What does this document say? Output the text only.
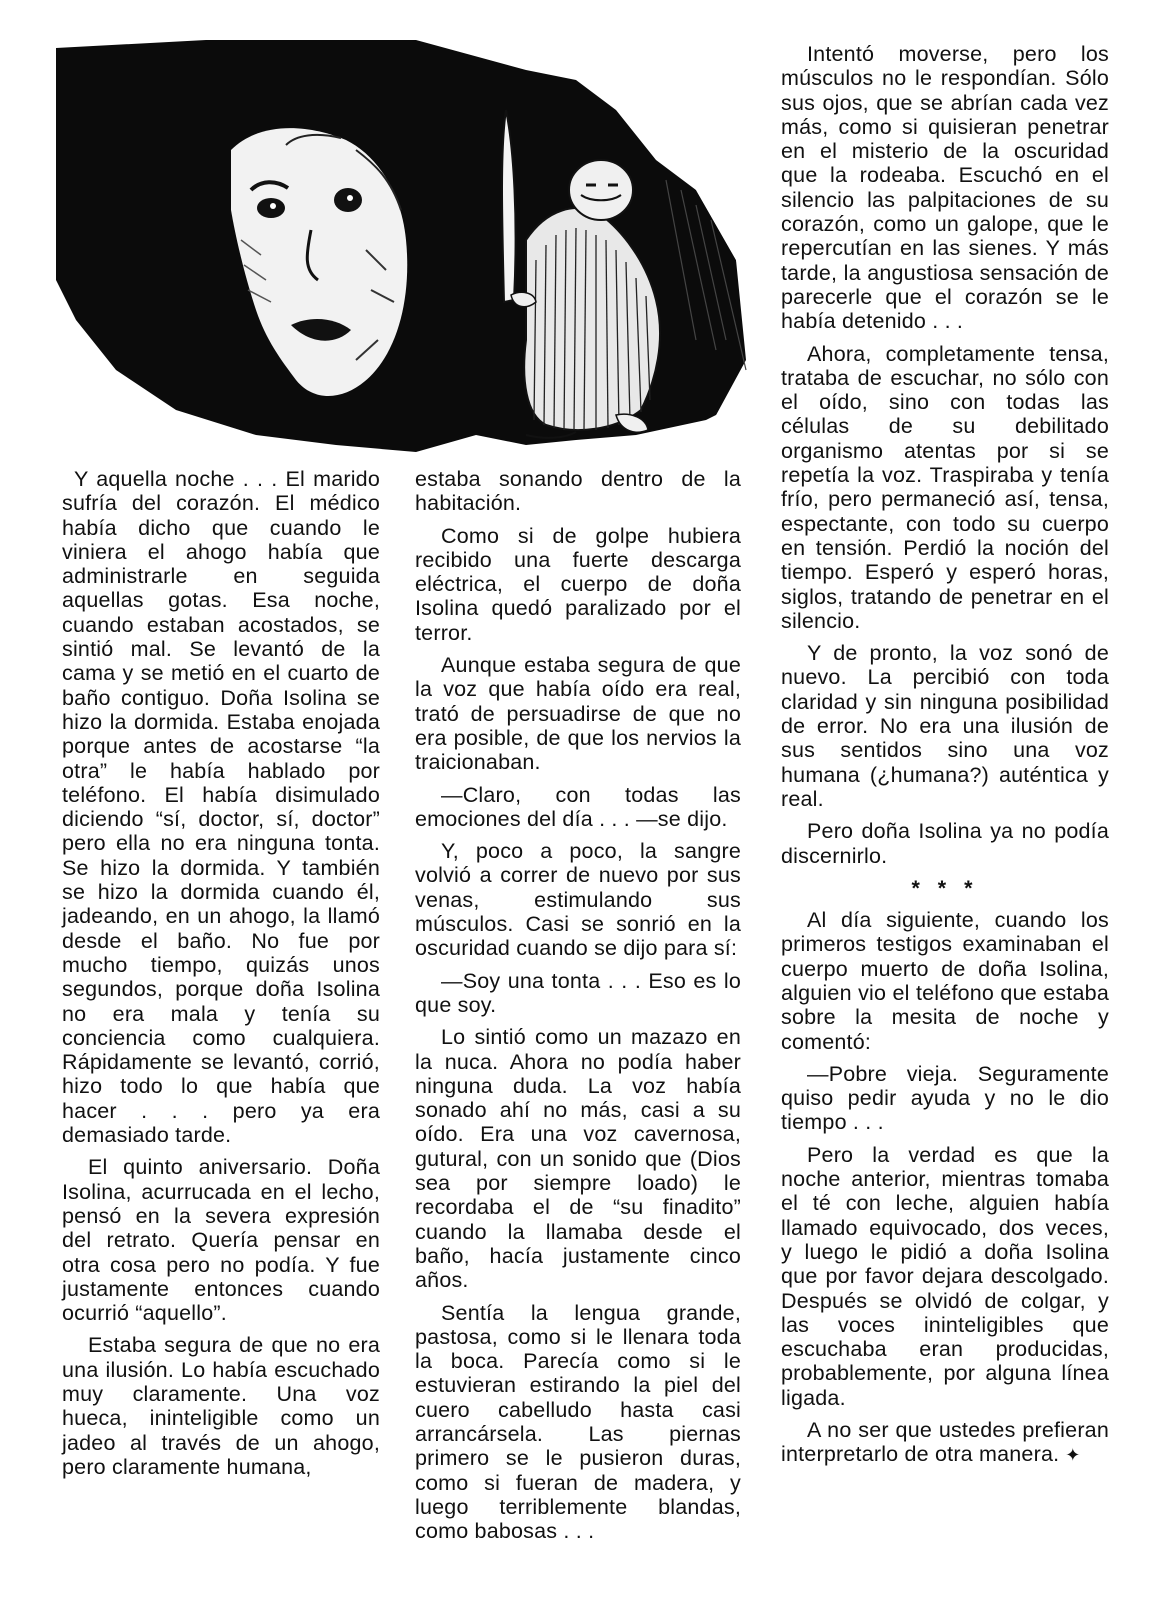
Y aquella noche . . . El marido sufría del corazón. El médico había dicho que cuando le viniera el ahogo había que administrarle en seguida aquellas gotas. Esa noche, cuando estaban acostados, se sintió mal. Se levantó de la cama y se metió en el cuarto de baño contiguo. Doña Isolina se hizo la dormida. Estaba enojada porque antes de acostarse “la otra” le había hablado por teléfono. El había disimulado diciendo “sí, doctor, sí, doctor” pero ella no era ninguna tonta. Se hizo la dormida. Y también se hizo la dormida cuando él, jadeando, en un ahogo, la llamó desde el baño. No fue por mucho tiempo, quizás unos segundos, porque doña Isolina no era mala y tenía su conciencia como cualquiera. Rápidamente se levantó, corrió, hizo todo lo que había que hacer . . . pero ya era demasiado tarde.

El quinto aniversario. Doña Isolina, acurrucada en el lecho, pensó en la severa expresión del retrato. Quería pensar en otra cosa pero no podía. Y fue justamente entonces cuando ocurrió “aquello”.

Estaba segura de que no era una ilusión. Lo había escuchado muy claramente. Una voz hueca, ininteligible como un jadeo al través de un ahogo, pero claramente humana,

estaba sonando dentro de la habitación.

Como si de golpe hubiera recibido una fuerte descarga eléctrica, el cuerpo de doña Isolina quedó paralizado por el terror.

Aunque estaba segura de que la voz que había oído era real, trató de persuadirse de que no era posible, de que los nervios la traicionaban.

—Claro, con todas las emociones del día . . . —se dijo.

Y, poco a poco, la sangre volvió a correr de nuevo por sus venas, estimulando sus músculos. Casi se sonrió en la oscuridad cuando se dijo para sí:

—Soy una tonta . . . Eso es lo que soy.

Lo sintió como un mazazo en la nuca. Ahora no podía haber ninguna duda. La voz había sonado ahí no más, casi a su oído. Era una voz cavernosa, gutural, con un sonido que (Dios sea por siempre loado) le recordaba el de “su finadito” cuando la llamaba desde el baño, hacía justamente cinco años.

Sentía la lengua grande, pastosa, como si le llenara toda la boca. Parecía como si le estuvieran estirando la piel del cuero cabelludo hasta casi arrancársela. Las piernas primero se le pusieron duras, como si fueran de madera, y luego terriblemente blandas, como babosas . . .

Intentó moverse, pero los músculos no le respondían. Sólo sus ojos, que se abrían cada vez más, como si quisieran penetrar en el misterio de la oscuridad que la rodeaba. Escuchó en el silencio las palpitaciones de su corazón, como un galope, que le repercutían en las sienes. Y más tarde, la angustiosa sensación de parecerle que el corazón se le había detenido . . .

Ahora, completamente tensa, trataba de escuchar, no sólo con el oído, sino con todas las células de su debilitado organismo atentas por si se repetía la voz. Traspiraba y tenía frío, pero permaneció así, tensa, espectante, con todo su cuerpo en tensión. Perdió la noción del tiempo. Esperó y esperó horas, siglos, tratando de penetrar en el silencio.

Y de pronto, la voz sonó de nuevo. La percibió con toda claridad y sin ninguna posibilidad de error. No era una ilusión de sus sentidos sino una voz humana (¿humana?) auténtica y real.

Pero doña Isolina ya no podía discernirlo.

* * *

Al día siguiente, cuando los primeros testigos examinaban el cuerpo muerto de doña Isolina, alguien vio el teléfono que estaba sobre la mesita de noche y comentó:

—Pobre vieja. Seguramente quiso pedir ayuda y no le dio tiempo . . .

Pero la verdad es que la noche anterior, mientras tomaba el té con leche, alguien había llamado equivocado, dos veces, y luego le pidió a doña Isolina que por favor dejara descolgado. Después se olvidó de colgar, y las voces ininteligibles que escuchaba eran producidas, probablemente, por alguna línea ligada.

A no ser que ustedes prefieran interpretarlo de otra manera. ✦
